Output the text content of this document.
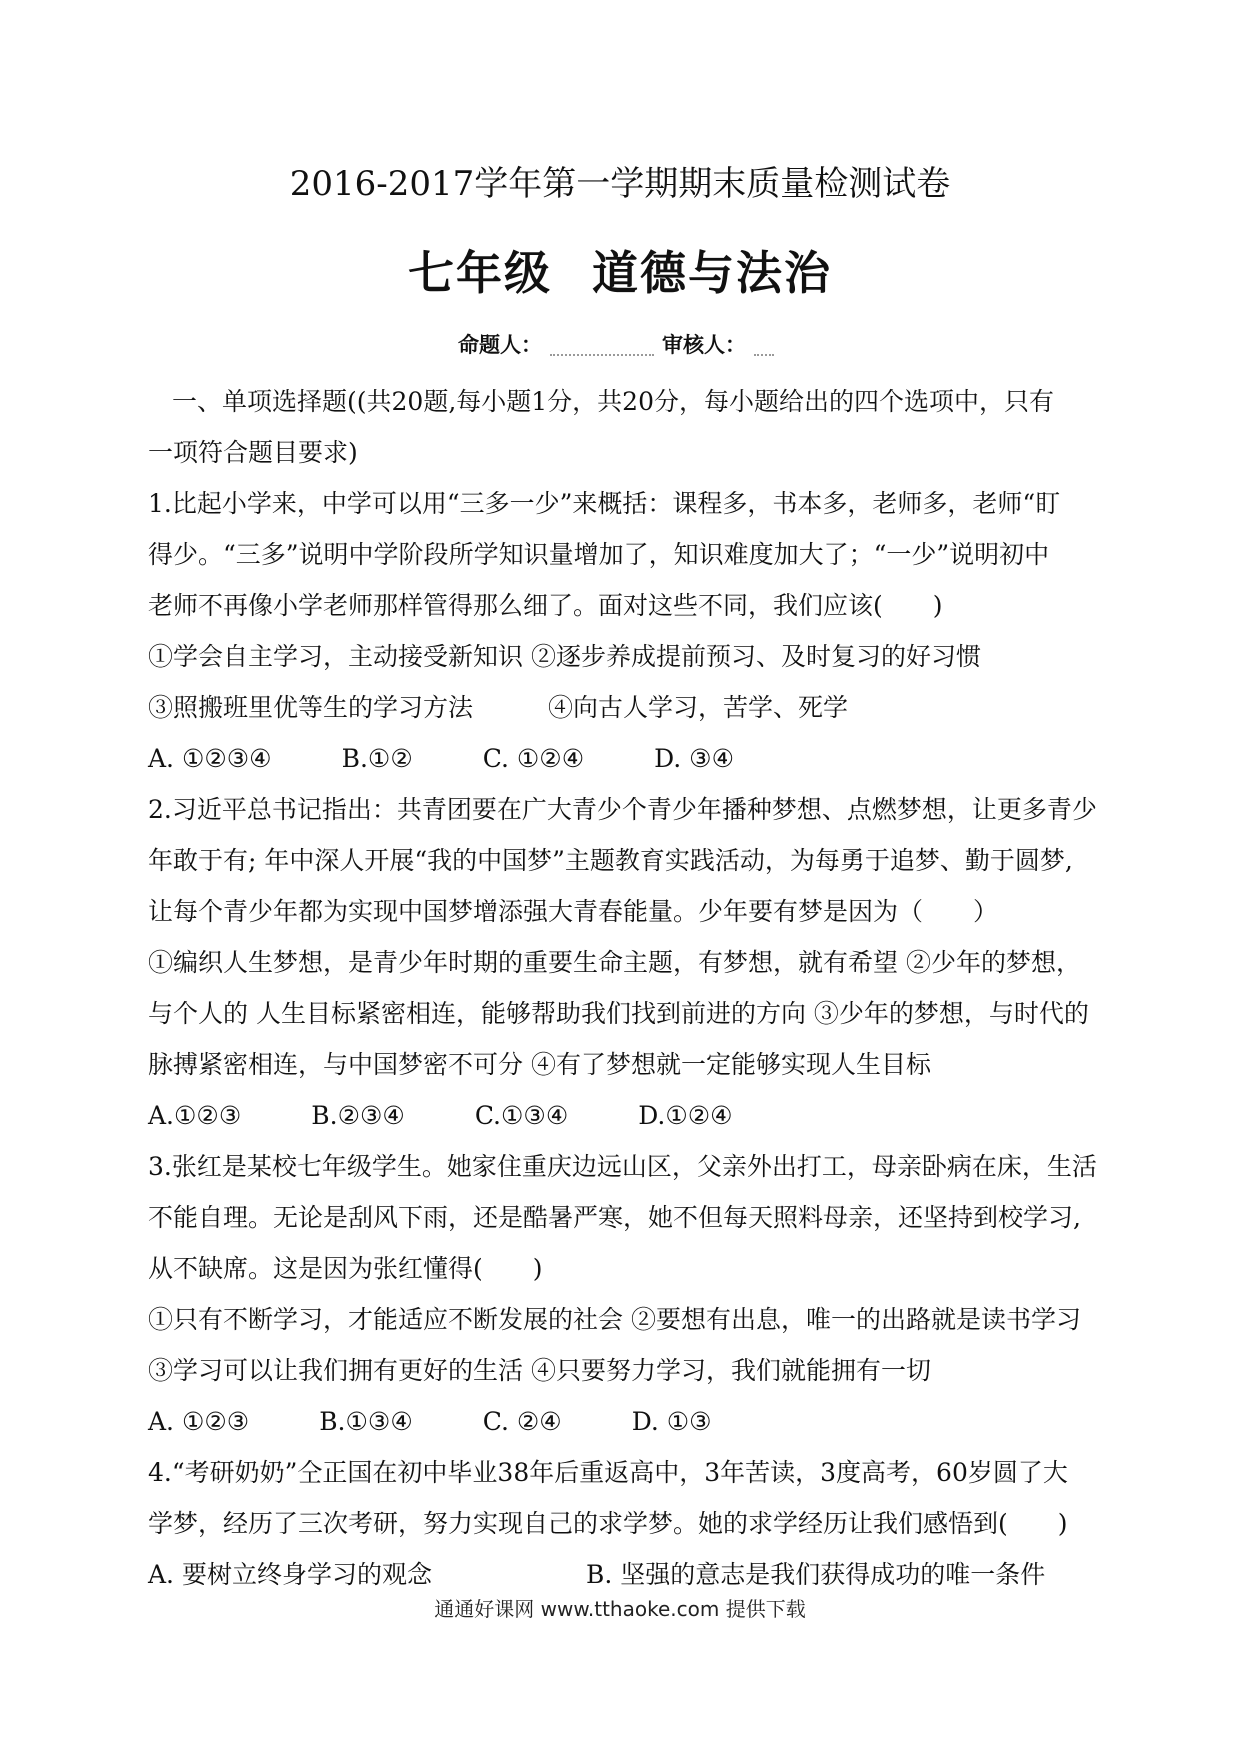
2016-2017学年第一学期期末质量检测试卷
七年级 道德与法治
命题人：	审核人：
一、单项选择题((共20题,每小题1分，共20分，每小题给出的四个选项中，只有
一项符合题目要求)
1.比起小学来，中学可以用“三多一少”来概括：课程多，书本多，老师多，老师“盯
得少。“三多”说明中学阶段所学知识量增加了，知识难度加大了；“一少”说明初中
老师不再像小学老师那样管得那么细了。面对这些不同，我们应该(　　)
①学会自主学习，主动接受新知识 ②逐步养成提前预习、及时复习的好习惯
③照搬班里优等生的学习方法　　　④向古人学习，苦学、死学
A. ①②③④	B.①②	C. ①②④	D. ③④
2.习近平总书记指出：共青团要在广大青少个青少年播种梦想、点燃梦想，让更多青少
年敢于有; 年中深人开展“我的中国梦”主题教育实践活动，为每勇于追梦、勤于圆梦,
让每个青少年都为实现中国梦增添强大青春能量。少年要有梦是因为（　　）
①编织人生梦想，是青少年时期的重要生命主题，有梦想，就有希望 ②少年的梦想，
与个人的 人生目标紧密相连，能够帮助我们找到前进的方向 ③少年的梦想，与时代的
脉搏紧密相连，与中国梦密不可分 ④有了梦想就一定能够实现人生目标
A.①②③	B.②③④	C.①③④	D.①②④
3.张红是某校七年级学生。她家住重庆边远山区，父亲外出打工，母亲卧病在床，生活
不能自理。无论是刮风下雨，还是酷暑严寒，她不但每天照料母亲，还坚持到校学习,
从不缺席。这是因为张红懂得(　　)
①只有不断学习，才能适应不断发展的社会 ②要想有出息，唯一的出路就是读书学习
③学习可以让我们拥有更好的生活 ④只要努力学习，我们就能拥有一切
A. ①②③	B.①③④	C. ②④	D. ①③
4.“考研奶奶”仝正国在初中毕业38年后重返高中，3年苦读，3度高考，60岁圆了大
学梦，经历了三次考研，努力实现自己的求学梦。她的求学经历让我们感悟到(　　)
A. 要树立终身学习的观念	B. 坚强的意志是我们获得成功的唯一条件
通通好课网 www.tthaoke.com 提供下载
